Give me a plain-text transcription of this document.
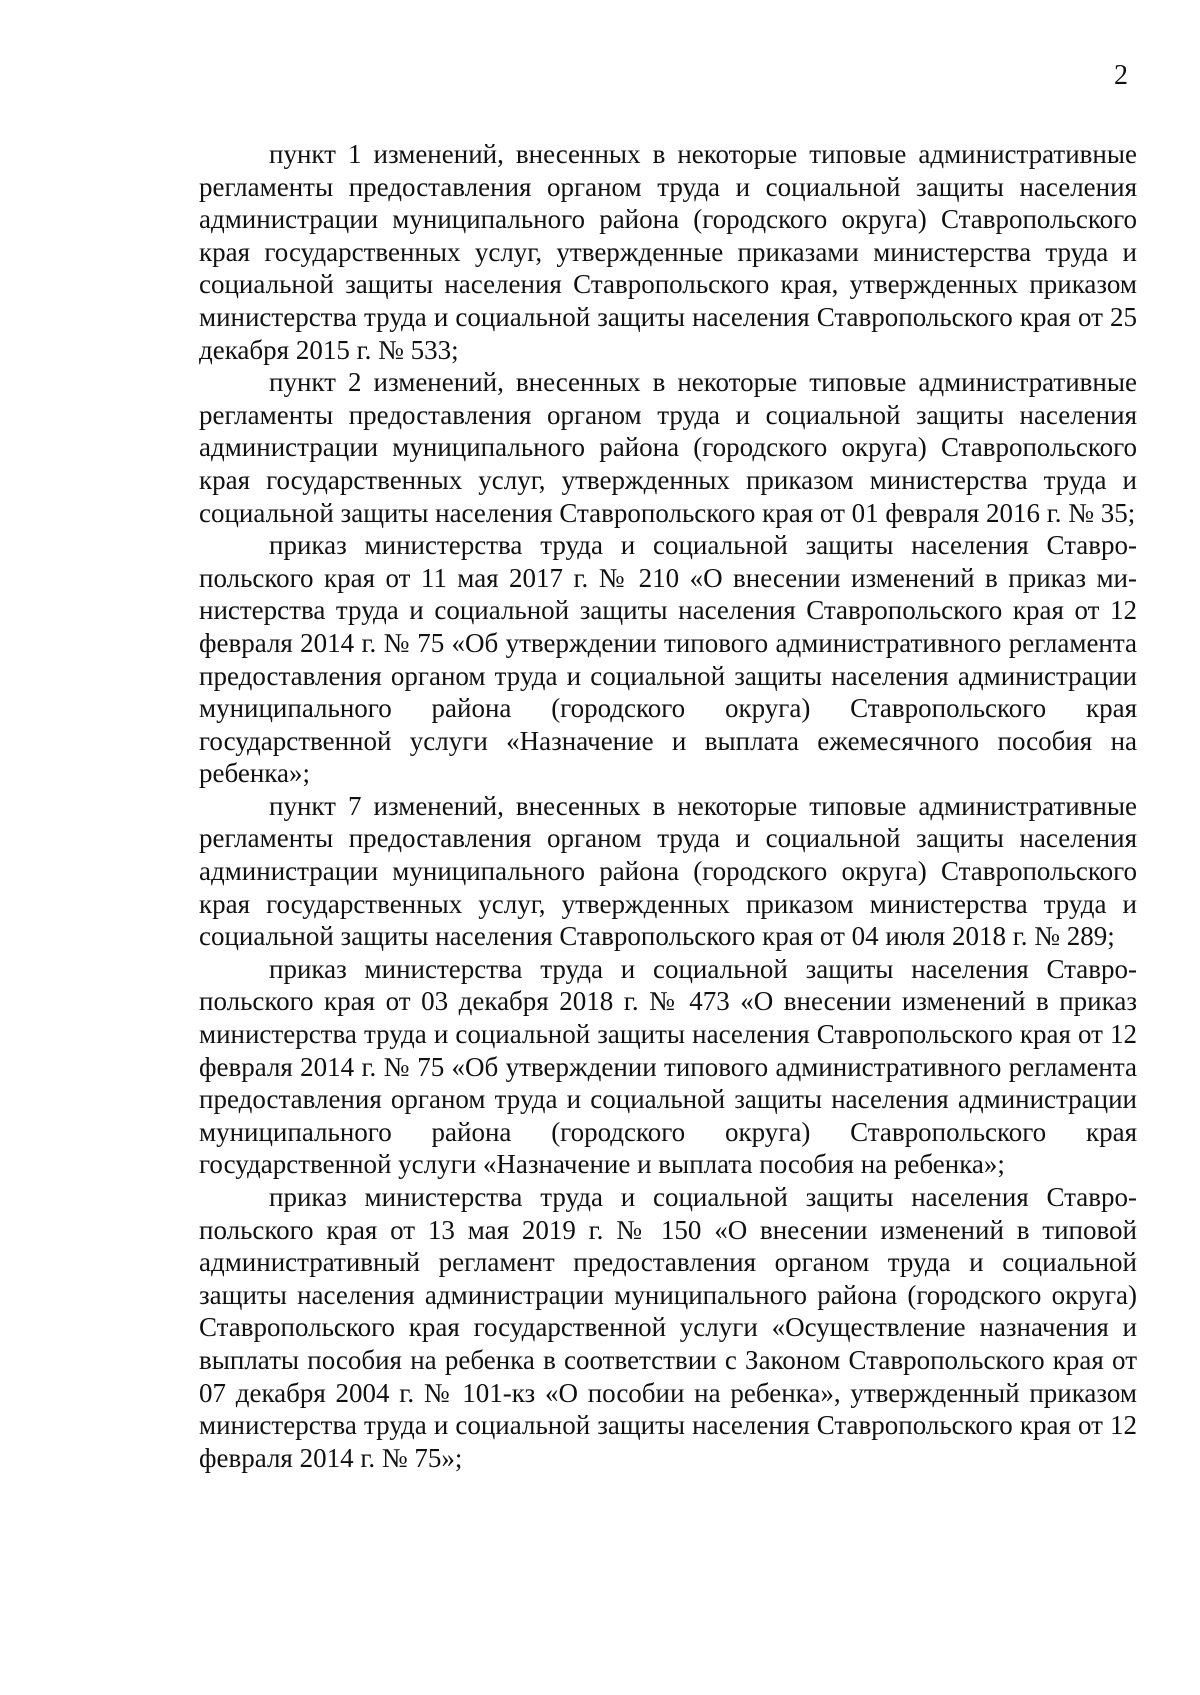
2

пункт 1 изменений, внесенных в некоторые типовые административные регламенты предоставления органом труда и социальной защиты населения администрации муниципального района (городского округа) Ставропольского края государственных услуг, утвержденные приказами министерства труда и социальной защиты населения Ставропольского края, утвержденных приказом министерства труда и социальной защиты населения Ставропольского края от 25 декабря 2015 г. № 533;

пункт 2 изменений, внесенных в некоторые типовые административные регламенты предоставления органом труда и социальной защиты населения администрации муниципального района (городского округа) Ставропольского края государственных услуг, утвержденных приказом министерства труда и социальной защиты населения Ставропольского края от 01 февраля 2016 г. № 35;

приказ министерства труда и социальной защиты населения Ставропольского края от 11 мая 2017 г. № 210 «О внесении изменений в приказ министерства труда и социальной защиты населения Ставропольского края от 12 февраля 2014 г. № 75 «Об утверждении типового административного регламента предоставления органом труда и социальной защиты населения администрации муниципального района (городского округа) Ставропольского края государственной услуги «Назначение и выплата ежемесячного пособия на ребенка»;

пункт 7 изменений, внесенных в некоторые типовые административные регламенты предоставления органом труда и социальной защиты населения администрации муниципального района (городского округа) Ставропольского края государственных услуг, утвержденных приказом министерства труда и социальной защиты населения Ставропольского края от 04 июля 2018 г. № 289;

приказ министерства труда и социальной защиты населения Ставропольского края от 03 декабря 2018 г. № 473 «О внесении изменений в приказ министерства труда и социальной защиты населения Ставропольского края от 12 февраля 2014 г. № 75 «Об утверждении типового административного регламента предоставления органом труда и социальной защиты населения администрации муниципального района (городского округа) Ставропольского края государственной услуги «Назначение и выплата пособия на ребенка»;

приказ министерства труда и социальной защиты населения Ставропольского края от 13 мая 2019 г. № 150 «О внесении изменений в типовой административный регламент предоставления органом труда и социальной защиты населения администрации муниципального района (городского округа) Ставропольского края государственной услуги «Осуществление назначения и выплаты пособия на ребенка в соответствии с Законом Ставропольского края от 07 декабря 2004 г. № 101-кз «О пособии на ребенка», утвержденный приказом министерства труда и социальной защиты населения Ставропольского края от 12 февраля 2014 г. № 75»;
